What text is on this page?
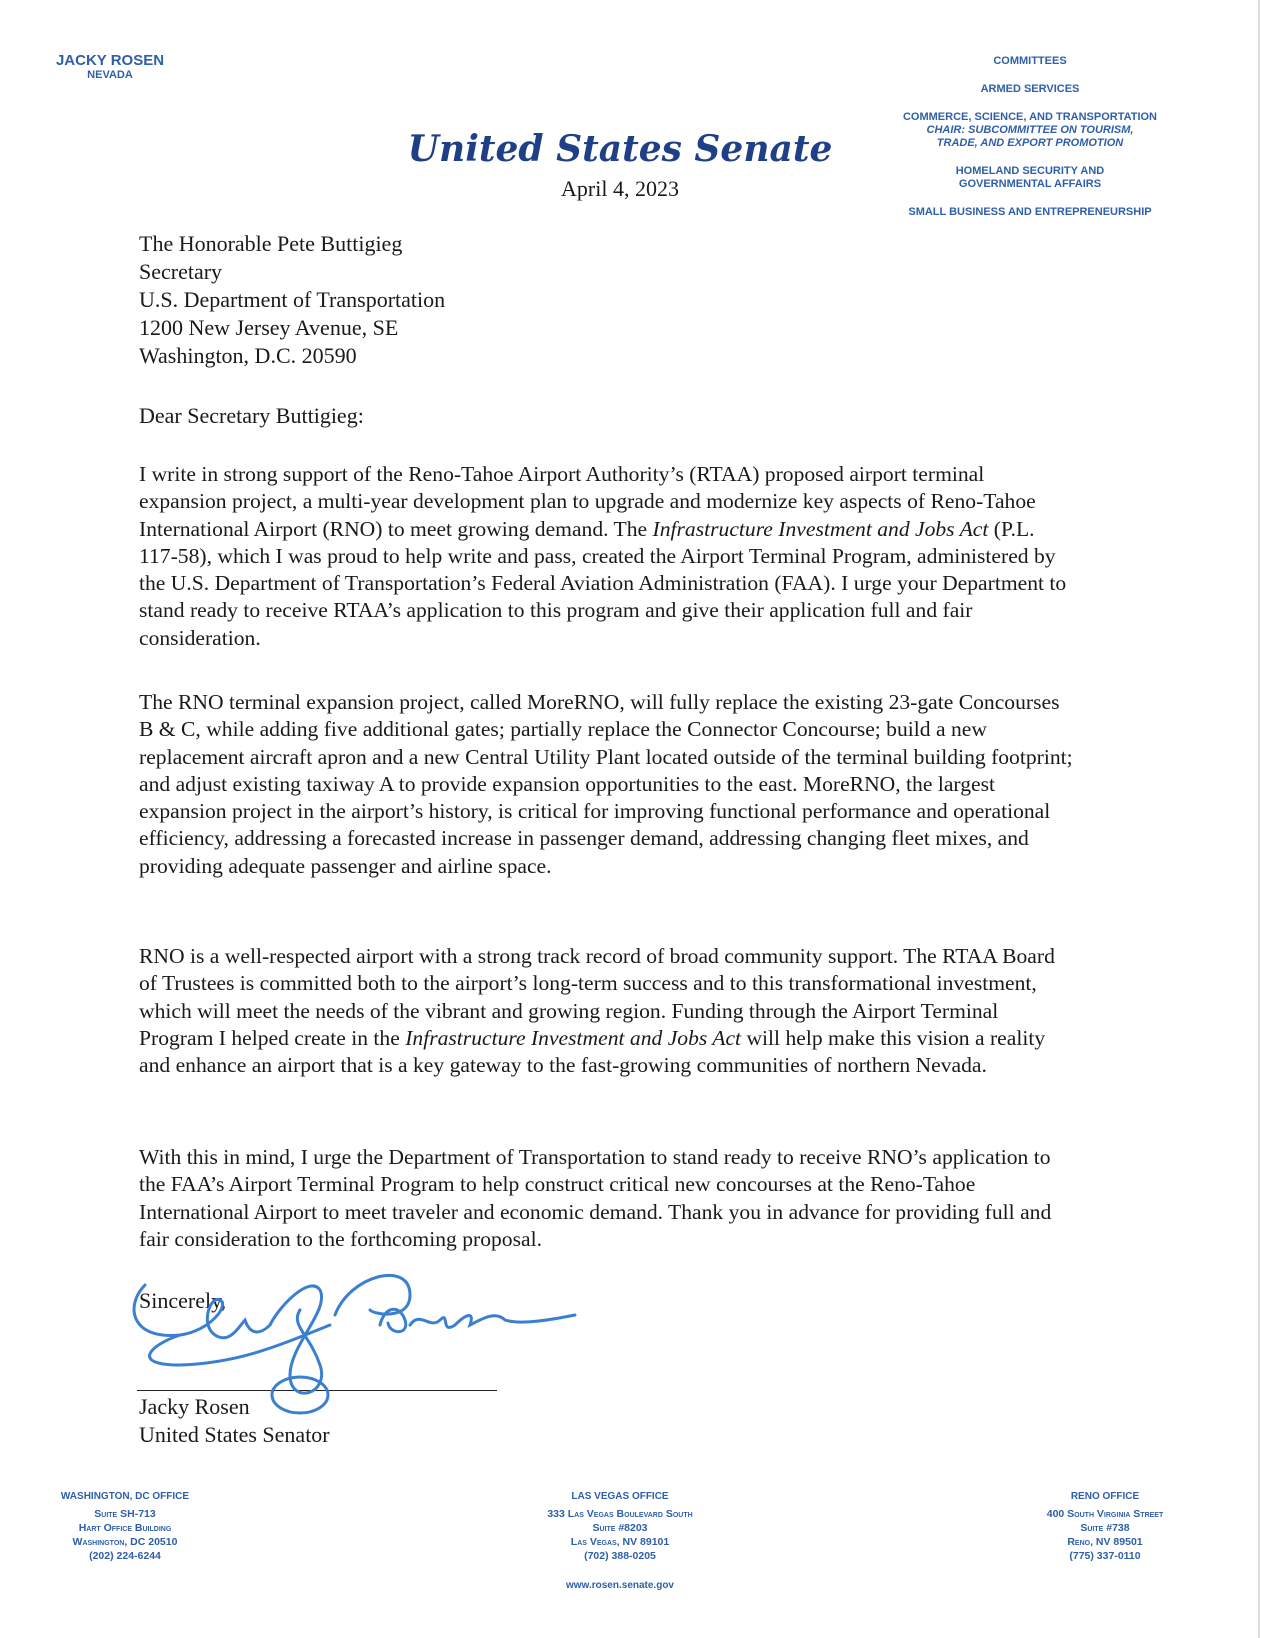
JACKY ROSEN
NEVADA
COMMITTEES
ARMED SERVICES
COMMERCE, SCIENCE, AND TRANSPORTATION
CHAIR: SUBCOMMITTEE ON TOURISM,
TRADE, AND EXPORT PROMOTION
HOMELAND SECURITY AND GOVERNMENTAL AFFAIRS
SMALL BUSINESS AND ENTREPRENEURSHIP
United States Senate
April 4, 2023
The Honorable Pete Buttigieg
Secretary
U.S. Department of Transportation
1200 New Jersey Avenue, SE
Washington, D.C. 20590
Dear Secretary Buttigieg:
I write in strong support of the Reno-Tahoe Airport Authority’s (RTAA) proposed airport terminal expansion project, a multi-year development plan to upgrade and modernize key aspects of Reno-Tahoe International Airport (RNO) to meet growing demand. The Infrastructure Investment and Jobs Act (P.L. 117-58), which I was proud to help write and pass, created the Airport Terminal Program, administered by the U.S. Department of Transportation’s Federal Aviation Administration (FAA). I urge your Department to stand ready to receive RTAA’s application to this program and give their application full and fair consideration.
The RNO terminal expansion project, called MoreRNO, will fully replace the existing 23-gate Concourses B & C, while adding five additional gates; partially replace the Connector Concourse; build a new replacement aircraft apron and a new Central Utility Plant located outside of the terminal building footprint; and adjust existing taxiway A to provide expansion opportunities to the east. MoreRNO, the largest expansion project in the airport’s history, is critical for improving functional performance and operational efficiency, addressing a forecasted increase in passenger demand, addressing changing fleet mixes, and providing adequate passenger and airline space.
RNO is a well-respected airport with a strong track record of broad community support. The RTAA Board of Trustees is committed both to the airport’s long-term success and to this transformational investment, which will meet the needs of the vibrant and growing region. Funding through the Airport Terminal Program I helped create in the Infrastructure Investment and Jobs Act will help make this vision a reality and enhance an airport that is a key gateway to the fast-growing communities of northern Nevada.
With this in mind, I urge the Department of Transportation to stand ready to receive RNO’s application to the FAA’s Airport Terminal Program to help construct critical new concourses at the Reno-Tahoe International Airport to meet traveler and economic demand. Thank you in advance for providing full and fair consideration to the forthcoming proposal.
Sincerely,
Jacky Rosen
United States Senator
WASHINGTON, DC OFFICE
Suite SH-713
Hart Office Building
Washington, DC 20510
(202) 224-6244
LAS VEGAS OFFICE
333 Las Vegas Boulevard South
Suite #8203
Las Vegas, NV 89101
(702) 388-0205
RENO OFFICE
400 South Virginia Street
Suite #738
Reno, NV 89501
(775) 337-0110
www.rosen.senate.gov
